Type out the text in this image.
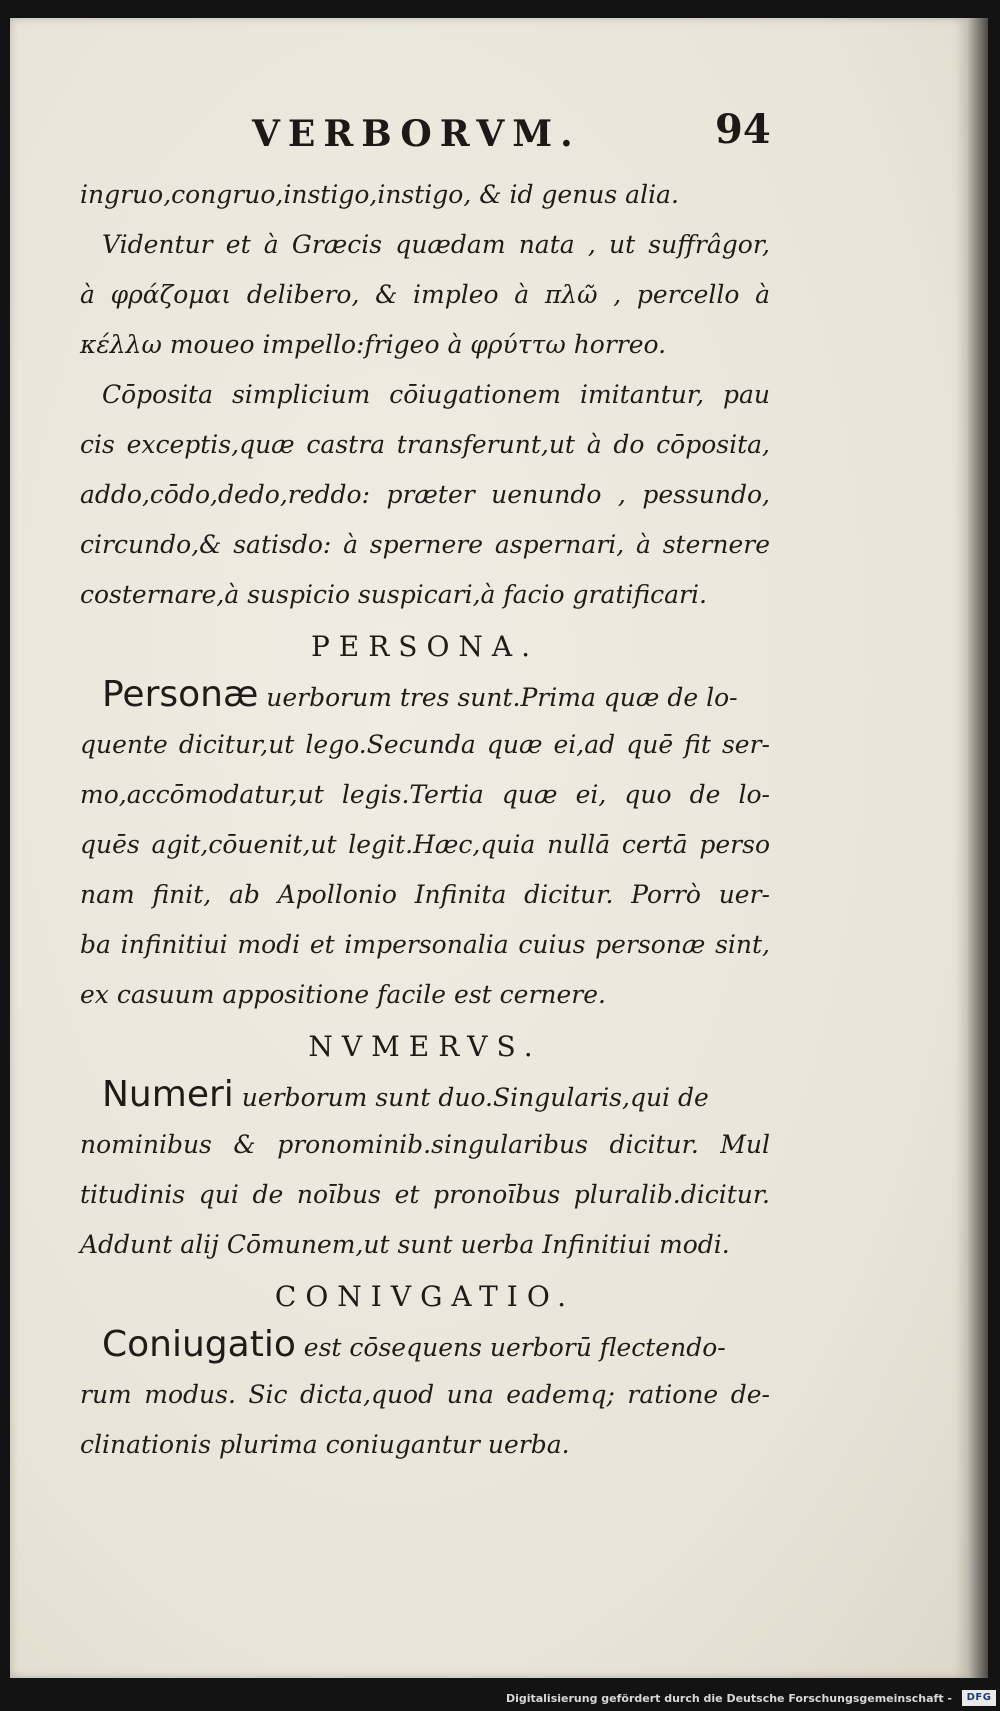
VERBORVM.	94
ingruo,congruo,instigo,instigo, & id genus alia.
Videntur et à Græcis quædam nata , ut suffrâgor,
à φράζομαι delibero, & impleo à πλῶ , percello à
κέλλω moueo impello:frigeo à φρύττω horreo.
Cōposita simplicium cōiugationem imitantur, pau
cis exceptis,quæ castra transferunt,ut à do cōposita,
addo,cōdo,dedo,reddo: præter uenundo , pessundo,
circundo,& satisdo: à spernere aspernari, à sternere
costernare,à suspicio suspicari,à facio gratificari.
PERSONA.
Personæ uerborum tres sunt.Prima quæ de lo-
quente dicitur,ut lego.Secunda quæ ei,ad quē fit ser-
mo,accōmodatur,ut legis.Tertia quæ ei, quo de lo-
quēs agit,cōuenit,ut legit.Hæc,quia nullā certā perso
nam finit, ab Apollonio Infinita dicitur. Porrò uer-
ba infinitiui modi et impersonalia cuius personæ sint,
ex casuum appositione facile est cernere.
NVMERVS.
Numeri uerborum sunt duo.Singularis,qui de
nominibus & pronominib.singularibus dicitur. Mul
titudinis qui de noībus et pronoībus pluralib.dicitur.
Addunt alij Cōmunem,ut sunt uerba Infinitiui modi.
CONIVGATIO.
Coniugatio est cōsequens uerborū flectendo-
rum modus. Sic dicta,quod una eademq; ratione de-
clinationis plurima coniugantur uerba.
Digitalisierung gefördert durch die Deutsche Forschungsgemeinschaft -	DFG
